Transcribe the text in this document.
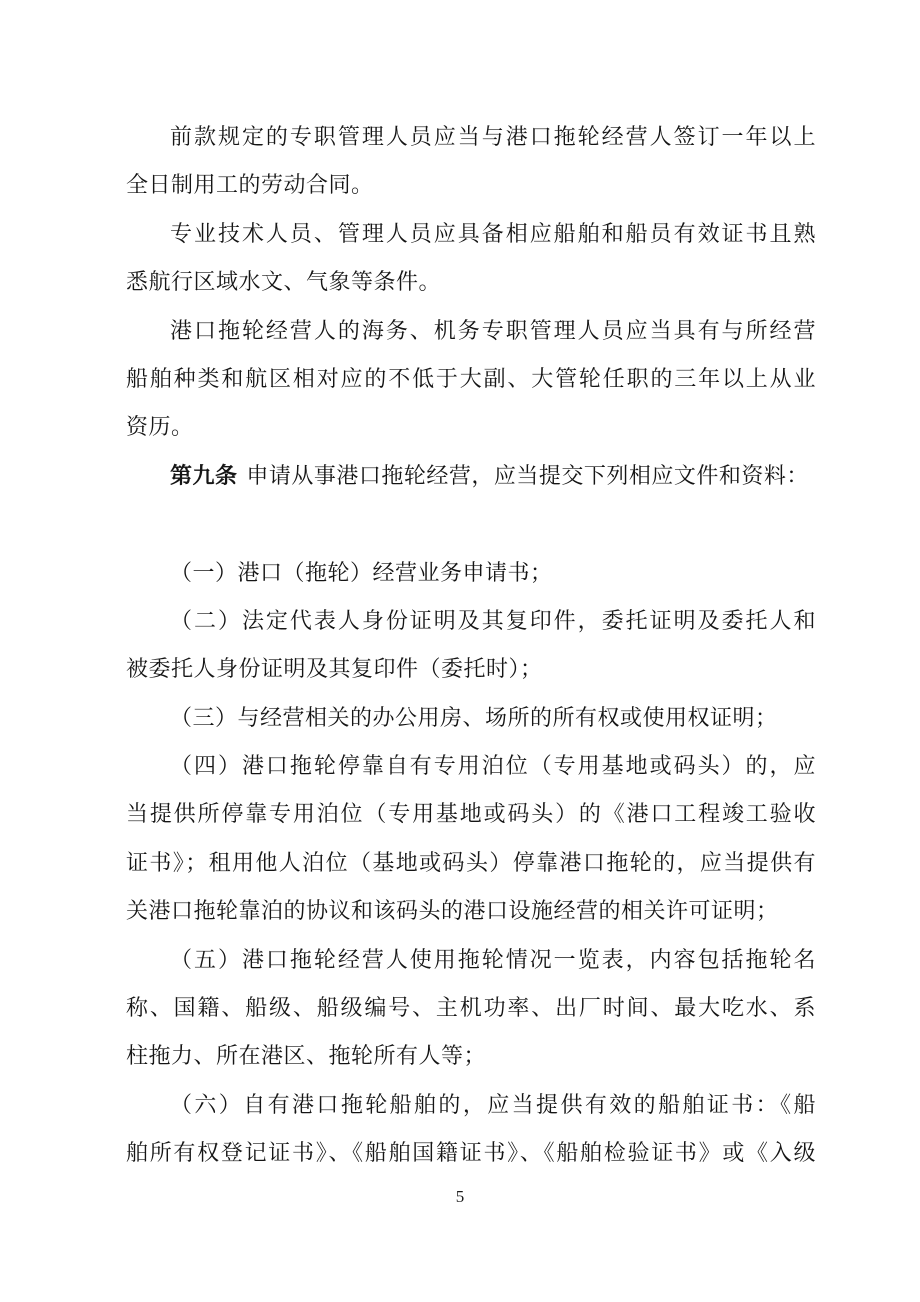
前款规定的专职管理人员应当与港口拖轮经营人签订一年以上
全日制用工的劳动合同。
专业技术人员、管理人员应具备相应船舶和船员有效证书且熟
悉航行区域水文、气象等条件。
港口拖轮经营人的海务、机务专职管理人员应当具有与所经营
船舶种类和航区相对应的不低于大副、大管轮任职的三年以上从业
资历。
第九条 申请从事港口拖轮经营，应当提交下列相应文件和资料：
（一）港口（拖轮）经营业务申请书；
（二）法定代表人身份证明及其复印件，委托证明及委托人和
被委托人身份证明及其复印件（委托时）；
（三）与经营相关的办公用房、场所的所有权或使用权证明；
（四）港口拖轮停靠自有专用泊位（专用基地或码头）的，应
当提供所停靠专用泊位（专用基地或码头）的《港口工程竣工验收
证书》；租用他人泊位（基地或码头）停靠港口拖轮的，应当提供有
关港口拖轮靠泊的协议和该码头的港口设施经营的相关许可证明；
（五）港口拖轮经营人使用拖轮情况一览表，内容包括拖轮名
称、国籍、船级、船级编号、主机功率、出厂时间、最大吃水、系
柱拖力、所在港区、拖轮所有人等；
（六）自有港口拖轮船舶的，应当提供有效的船舶证书：《船
舶所有权登记证书》、《船舶国籍证书》、《船舶检验证书》或《入级
5
